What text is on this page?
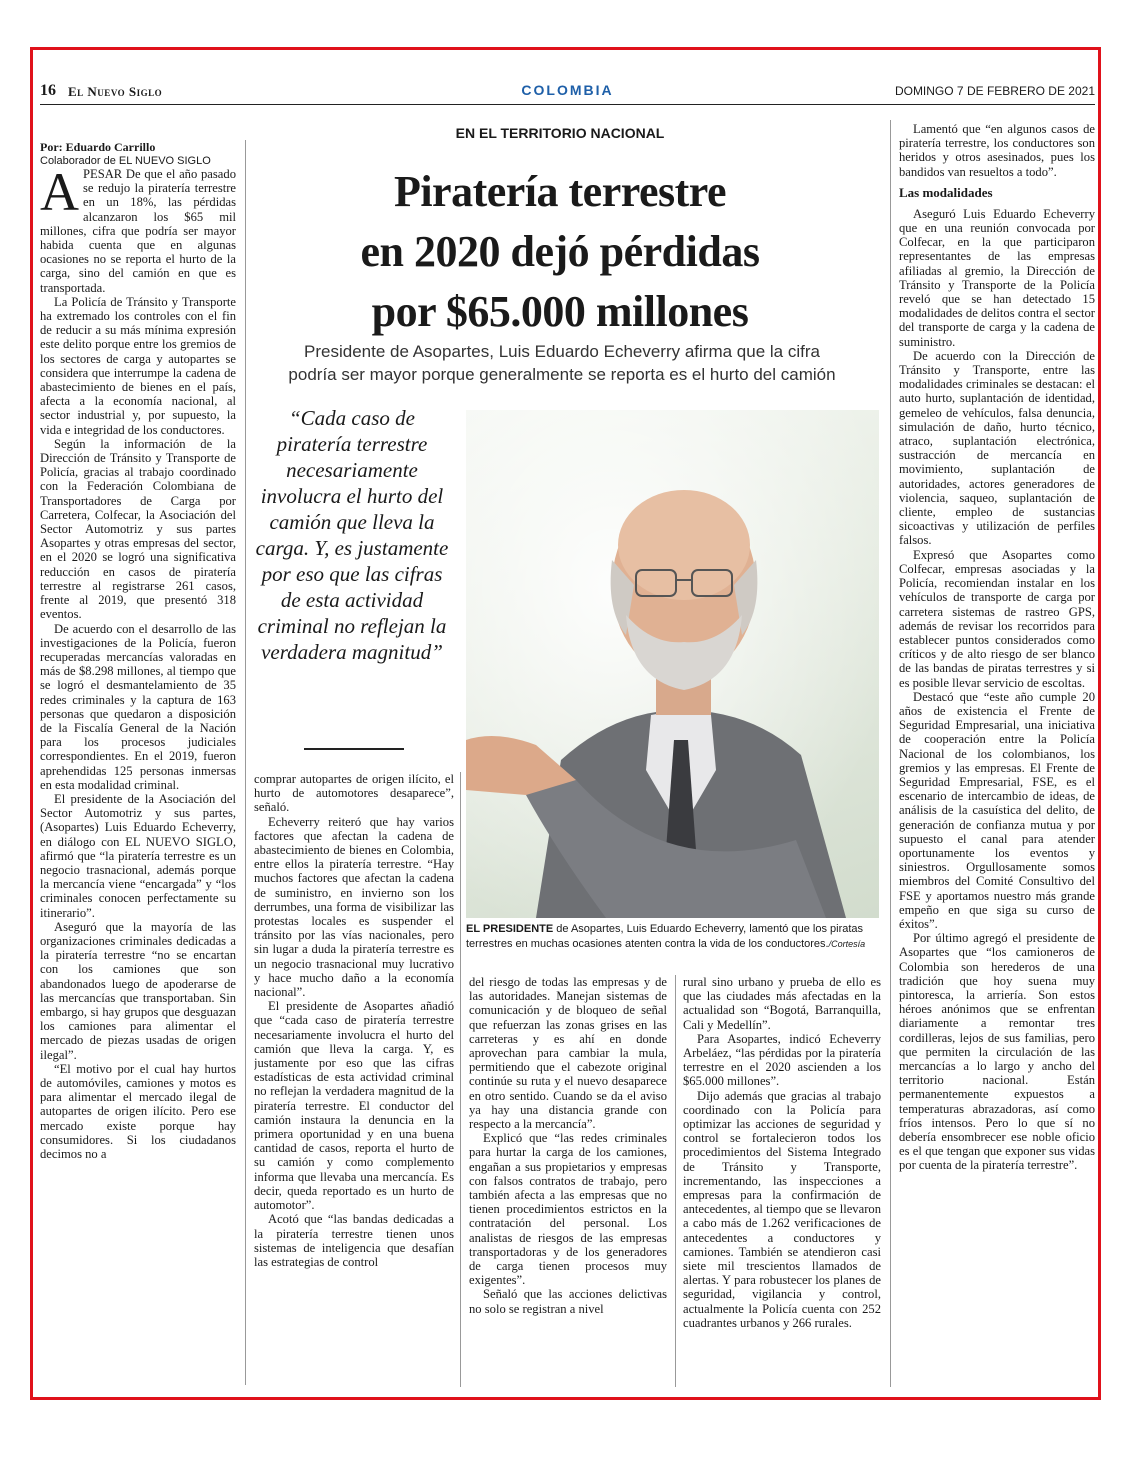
16 El Nuevo Siglo	COLOMBIA	DOMINGO 7 DE FEBRERO DE 2021

Por: Eduardo Carrillo

Colaborador de EL NUEVO SIGLO

APESAR De que el año pasado se redujo la piratería terrestre en un 18%, las pérdidas alcanzaron los $65 mil millones, cifra que podría ser mayor habida cuenta que en algunas ocasiones no se reporta el hurto de la carga, sino del camión en que es transportada.

La Policía de Tránsito y Transporte ha extremado los controles con el fin de reducir a su más mínima expresión este delito porque entre los gremios de los sectores de carga y autopartes se considera que interrumpe la cadena de abastecimiento de bienes en el país, afecta a la economía nacional, al sector industrial y, por supuesto, la vida e integridad de los conductores.

Según la información de la Dirección de Tránsito y Transporte de Policía, gracias al trabajo coordinado con la Federación Colombiana de Transportadores de Carga por Carretera, Colfecar, la Asociación del Sector Automotriz y sus partes Asopartes y otras empresas del sector, en el 2020 se logró una significativa reducción en casos de piratería terrestre al registrarse 261 casos, frente al 2019, que presentó 318 eventos.

De acuerdo con el desarrollo de las investigaciones de la Policía, fueron recuperadas mercancías valoradas en más de $8.298 millones, al tiempo que se logró el desmantelamiento de 35 redes criminales y la captura de 163 personas que quedaron a disposición de la Fiscalía General de la Nación para los procesos judiciales correspondientes. En el 2019, fueron aprehendidas 125 personas inmersas en esta modalidad criminal.

El presidente de la Asociación del Sector Automotriz y sus partes, (Asopartes) Luis Eduardo Echeverry, en diálogo con EL NUEVO SIGLO, afirmó que “la piratería terrestre es un negocio trasnacional, además porque la mercancía viene “encargada” y “los criminales conocen perfectamente su itinerario”.

Aseguró que la mayoría de las organizaciones criminales dedicadas a la piratería terrestre “no se encartan con los camiones que son abandonados luego de apoderarse de las mercancías que transportaban. Sin embargo, si hay grupos que desguazan los camiones para alimentar el mercado de piezas usadas de origen ilegal”.

“El motivo por el cual hay hurtos de automóviles, camiones y motos es para alimentar el mercado ilegal de autopartes de origen ilícito. Pero ese mercado existe porque hay consumidores. Si los ciudadanos decimos no a

EN EL TERRITORIO NACIONAL
Piratería terrestre
en 2020 dejó pérdidas
por $65.000 millones
Presidente de Asopartes, Luis Eduardo Echeverry afirma que la cifra
podría ser mayor porque generalmente se reporta es el hurto del camión
“Cada caso de piratería terrestre necesariamente involucra el hurto del camión que lleva la carga. Y, es justamente por eso que las cifras de esta actividad criminal no reflejan la verdadera magnitud”

comprar autopartes de origen ilícito, el hurto de automotores desaparece”, señaló.

Echeverry reiteró que hay varios factores que afectan la cadena de abastecimiento de bienes en Colombia, entre ellos la piratería terrestre. “Hay muchos factores que afectan la cadena de suministro, en invierno son los derrumbes, una forma de visibilizar las protestas locales es suspender el tránsito por las vías nacionales, pero sin lugar a duda la piratería terrestre es un negocio trasnacional muy lucrativo y hace mucho daño a la economía nacional”.

El presidente de Asopartes añadió que “cada caso de piratería terrestre necesariamente involucra el hurto del camión que lleva la carga. Y, es justamente por eso que las cifras estadísticas de esta actividad criminal no reflejan la verdadera magnitud de la piratería terrestre. El conductor del camión instaura la denuncia en la primera oportunidad y en una buena cantidad de casos, reporta el hurto de su camión y como complemento informa que llevaba una mercancía. Es decir, queda reportado es un hurto de automotor”.

Acotó que “las bandas dedicadas a la piratería terrestre tienen unos sistemas de inteligencia que desafían las estrategias de control

EL PRESIDENTE de Asopartes, Luis Eduardo Echeverry, lamentó que los piratas terrestres en muchas ocasiones atenten contra la vida de los conductores./Cortesía

del riesgo de todas las empresas y de las autoridades. Manejan sistemas de comunicación y de bloqueo de señal que refuerzan las zonas grises en las carreteras y es ahí en donde aprovechan para cambiar la mula, permitiendo que el cabezote original continúe su ruta y el nuevo desaparece en otro sentido. Cuando se da el aviso ya hay una distancia grande con respecto a la mercancía”.

Explicó que “las redes criminales para hurtar la carga de los camiones, engañan a sus propietarios y empresas con falsos contratos de trabajo, pero también afecta a las empresas que no tienen procedimientos estrictos en la contratación del personal. Los analistas de riesgos de las empresas transportadoras y de los generadores de carga tienen procesos muy exigentes”.

Señaló que las acciones delictivas no solo se registran a nivel

rural sino urbano y prueba de ello es que las ciudades más afectadas en la actualidad son “Bogotá, Barranquilla, Cali y Medellín”.

Para Asopartes, indicó Echeverry Arbeláez, “las pérdidas por la piratería terrestre en el 2020 ascienden a los $65.000 millones”.

Dijo además que gracias al trabajo coordinado con la Policía para optimizar las acciones de seguridad y control se fortalecieron todos los procedimientos del Sistema Integrado de Tránsito y Transporte, incrementando, las inspecciones a empresas para la confirmación de antecedentes, al tiempo que se llevaron a cabo más de 1.262 verificaciones de antecedentes a conductores y camiones. También se atendieron casi siete mil trescientos llamados de alertas. Y para robustecer los planes de seguridad, vigilancia y control, actualmente la Policía cuenta con 252 cuadrantes urbanos y 266 rurales.

Lamentó que “en algunos casos de piratería terrestre, los conductores son heridos y otros asesinados, pues los bandidos van resueltos a todo”.

Las modalidades

Aseguró Luis Eduardo Echeverry que en una reunión convocada por Colfecar, en la que participaron representantes de las empresas afiliadas al gremio, la Dirección de Tránsito y Transporte de la Policía reveló que se han detectado 15 modalidades de delitos contra el sector del transporte de carga y la cadena de suministro.

De acuerdo con la Dirección de Tránsito y Transporte, entre las modalidades criminales se destacan: el auto hurto, suplantación de identidad, gemeleo de vehículos, falsa denuncia, simulación de daño, hurto técnico, atraco, suplantación electrónica, sustracción de mercancía en movimiento, suplantación de autoridades, actores generadores de violencia, saqueo, suplantación de cliente, empleo de sustancias sicoactivas y utilización de perfiles falsos.

Expresó que Asopartes como Colfecar, empresas asociadas y la Policía, recomiendan instalar en los vehículos de transporte de carga por carretera sistemas de rastreo GPS, además de revisar los recorridos para establecer puntos considerados como críticos y de alto riesgo de ser blanco de las bandas de piratas terrestres y si es posible llevar servicio de escoltas.

Destacó que “este año cumple 20 años de existencia el Frente de Seguridad Empresarial, una iniciativa de cooperación entre la Policía Nacional de los colombianos, los gremios y las empresas. El Frente de Seguridad Empresarial, FSE, es el escenario de intercambio de ideas, de análisis de la casuística del delito, de generación de confianza mutua y por supuesto el canal para atender oportunamente los eventos y siniestros. Orgullosamente somos miembros del Comité Consultivo del FSE y aportamos nuestro más grande empeño en que siga su curso de éxitos”.

Por último agregó el presidente de Asopartes que “los camioneros de Colombia son herederos de una tradición que hoy suena muy pintoresca, la arriería. Son estos héroes anónimos que se enfrentan diariamente a remontar tres cordilleras, lejos de sus familias, pero que permiten la circulación de las mercancías a lo largo y ancho del territorio nacional. Están permanentemente expuestos a temperaturas abrazadoras, así como fríos intensos. Pero lo que sí no debería ensombrecer ese noble oficio es el que tengan que exponer sus vidas por cuenta de la piratería terrestre”.
